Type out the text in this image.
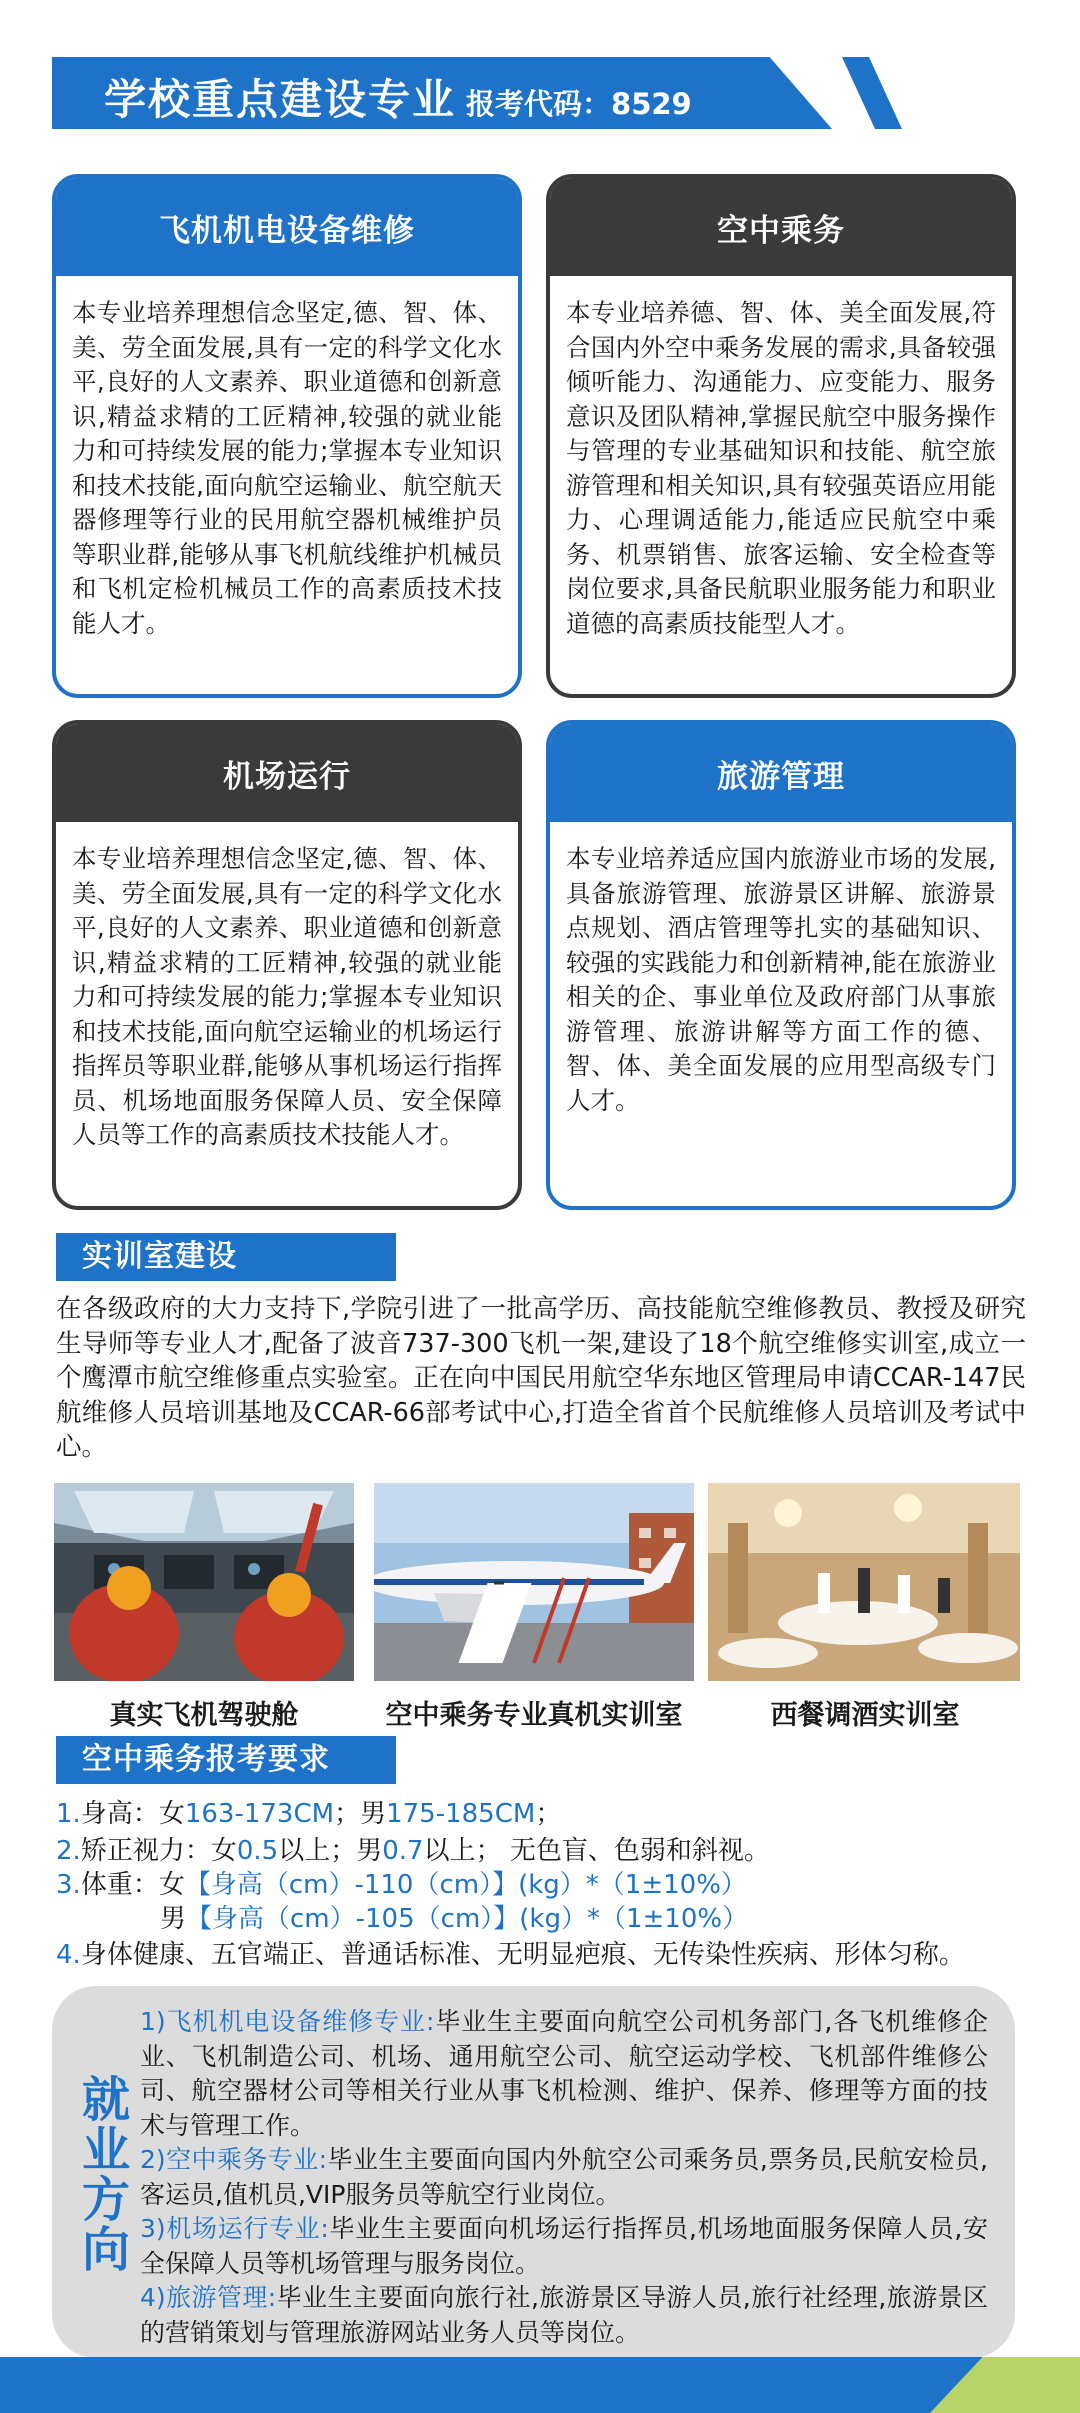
学校重点建设专业 报考代码：8529
飞机机电设备维修
本专业培养理想信念坚定,德、智、体、美、劳全面发展,具有一定的科学文化水平,良好的人文素养、职业道德和创新意识,精益求精的工匠精神,较强的就业能力和可持续发展的能力;掌握本专业知识和技术技能,面向航空运输业、航空航天器修理等行业的民用航空器机械维护员等职业群,能够从事飞机航线维护机械员和飞机定检机械员工作的高素质技术技能人才。
空中乘务
本专业培养德、智、体、美全面发展,符合国内外空中乘务发展的需求,具备较强倾听能力、沟通能力、应变能力、服务意识及团队精神,掌握民航空中服务操作与管理的专业基础知识和技能、航空旅游管理和相关知识,具有较强英语应用能力、心理调适能力,能适应民航空中乘务、机票销售、旅客运输、安全检查等岗位要求,具备民航职业服务能力和职业道德的高素质技能型人才。
机场运行
本专业培养理想信念坚定,德、智、体、美、劳全面发展,具有一定的科学文化水平,良好的人文素养、职业道德和创新意识,精益求精的工匠精神,较强的就业能力和可持续发展的能力;掌握本专业知识和技术技能,面向航空运输业的机场运行指挥员等职业群,能够从事机场运行指挥员、机场地面服务保障人员、安全保障人员等工作的高素质技术技能人才。
旅游管理
本专业培养适应国内旅游业市场的发展,具备旅游管理、旅游景区讲解、旅游景点规划、酒店管理等扎实的基础知识、较强的实践能力和创新精神,能在旅游业相关的企、事业单位及政府部门从事旅游管理、旅游讲解等方面工作的德、智、体、美全面发展的应用型高级专门人才。
实训室建设
在各级政府的大力支持下,学院引进了一批高学历、高技能航空维修教员、教授及研究生导师等专业人才,配备了波音737-300飞机一架,建设了18个航空维修实训室,成立一个鹰潭市航空维修重点实验室。正在向中国民用航空华东地区管理局申请CCAR-147民航维修人员培训基地及CCAR-66部考试中心,打造全省首个民航维修人员培训及考试中心。
真实飞机驾驶舱	空中乘务专业真机实训室	西餐调酒实训室
空中乘务报考要求
1.身高：女163-173CM；男175-185CM；
2.矫正视力：女0.5以上；男0.7以上； 无色盲、色弱和斜视。
3.体重：女【身高（cm）-110（cm）】(kg）*（1±10%）
男【身高（cm）-105（cm）】(kg）*（1±10%）
4.身体健康、五官端正、普通话标准、无明显疤痕、无传染性疾病、形体匀称。
就业方向

1)飞机机电设备维修专业:毕业生主要面向航空公司机务部门,各飞机维修企业、飞机制造公司、机场、通用航空公司、航空运动学校、飞机部件维修公司、航空器材公司等相关行业从事飞机检测、维护、保养、修理等方面的技术与管理工作。

2)空中乘务专业:毕业生主要面向国内外航空公司乘务员,票务员,民航安检员,客运员,值机员,VIP服务员等航空行业岗位。

3)机场运行专业:毕业生主要面向机场运行指挥员,机场地面服务保障人员,安全保障人员等机场管理与服务岗位。

4)旅游管理:毕业生主要面向旅行社,旅游景区导游人员,旅行社经理,旅游景区的营销策划与管理旅游网站业务人员等岗位。
